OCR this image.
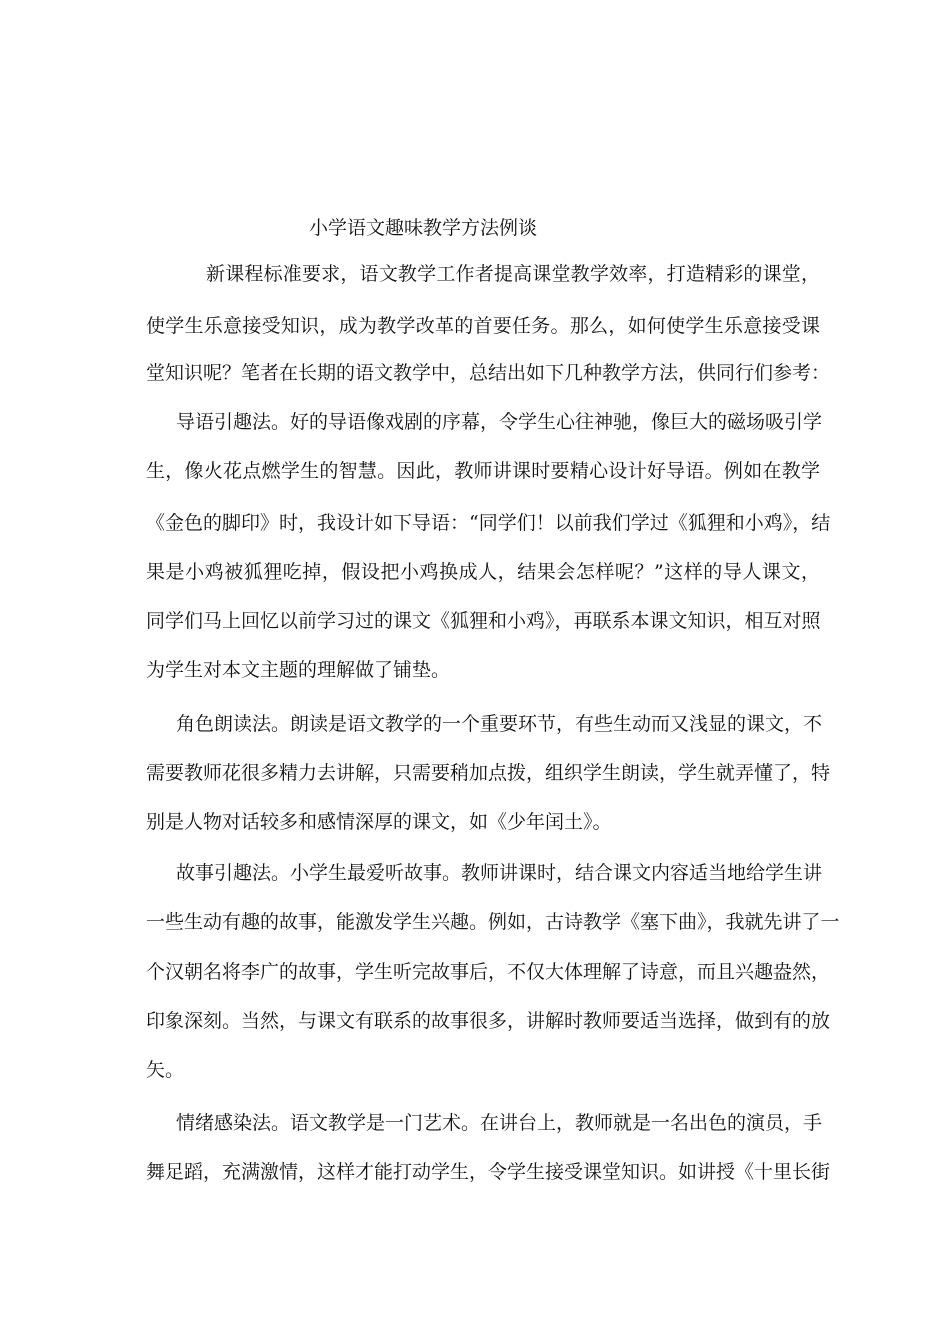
小学语文趣味教学方法例谈
新课程标准要求，语文教学工作者提高课堂教学效率，打造精彩的课堂，
使学生乐意接受知识，成为教学改革的首要任务。那么，如何使学生乐意接受课
堂知识呢？笔者在长期的语文教学中，总结出如下几种教学方法，供同行们参考：
导语引趣法。好的导语像戏剧的序幕，令学生心往神驰，像巨大的磁场吸引学
生，像火花点燃学生的智慧。因此，教师讲课时要精心设计好导语。例如在教学
《金色的脚印》时，我设计如下导语：“同学们！以前我们学过《狐狸和小鸡》，结
果是小鸡被狐狸吃掉，假设把小鸡换成人，结果会怎样呢？”这样的导人课文，
同学们马上回忆以前学习过的课文《狐狸和小鸡》，再联系本课文知识，相互对照
为学生对本文主题的理解做了铺垫。
角色朗读法。朗读是语文教学的一个重要环节，有些生动而又浅显的课文，不
需要教师花很多精力去讲解，只需要稍加点拨，组织学生朗读，学生就弄懂了，特
别是人物对话较多和感情深厚的课文，如《少年闰土》。
故事引趣法。小学生最爱听故事。教师讲课时，结合课文内容适当地给学生讲
一些生动有趣的故事，能激发学生兴趣。例如，古诗教学《塞下曲》，我就先讲了一
个汉朝名将李广的故事，学生听完故事后，不仅大体理解了诗意，而且兴趣盎然，
印象深刻。当然，与课文有联系的故事很多，讲解时教师要适当选择，做到有的放
矢。
情绪感染法。语文教学是一门艺术。在讲台上，教师就是一名出色的演员，手
舞足蹈，充满激情，这样才能打动学生，令学生接受课堂知识。如讲授《十里长街
